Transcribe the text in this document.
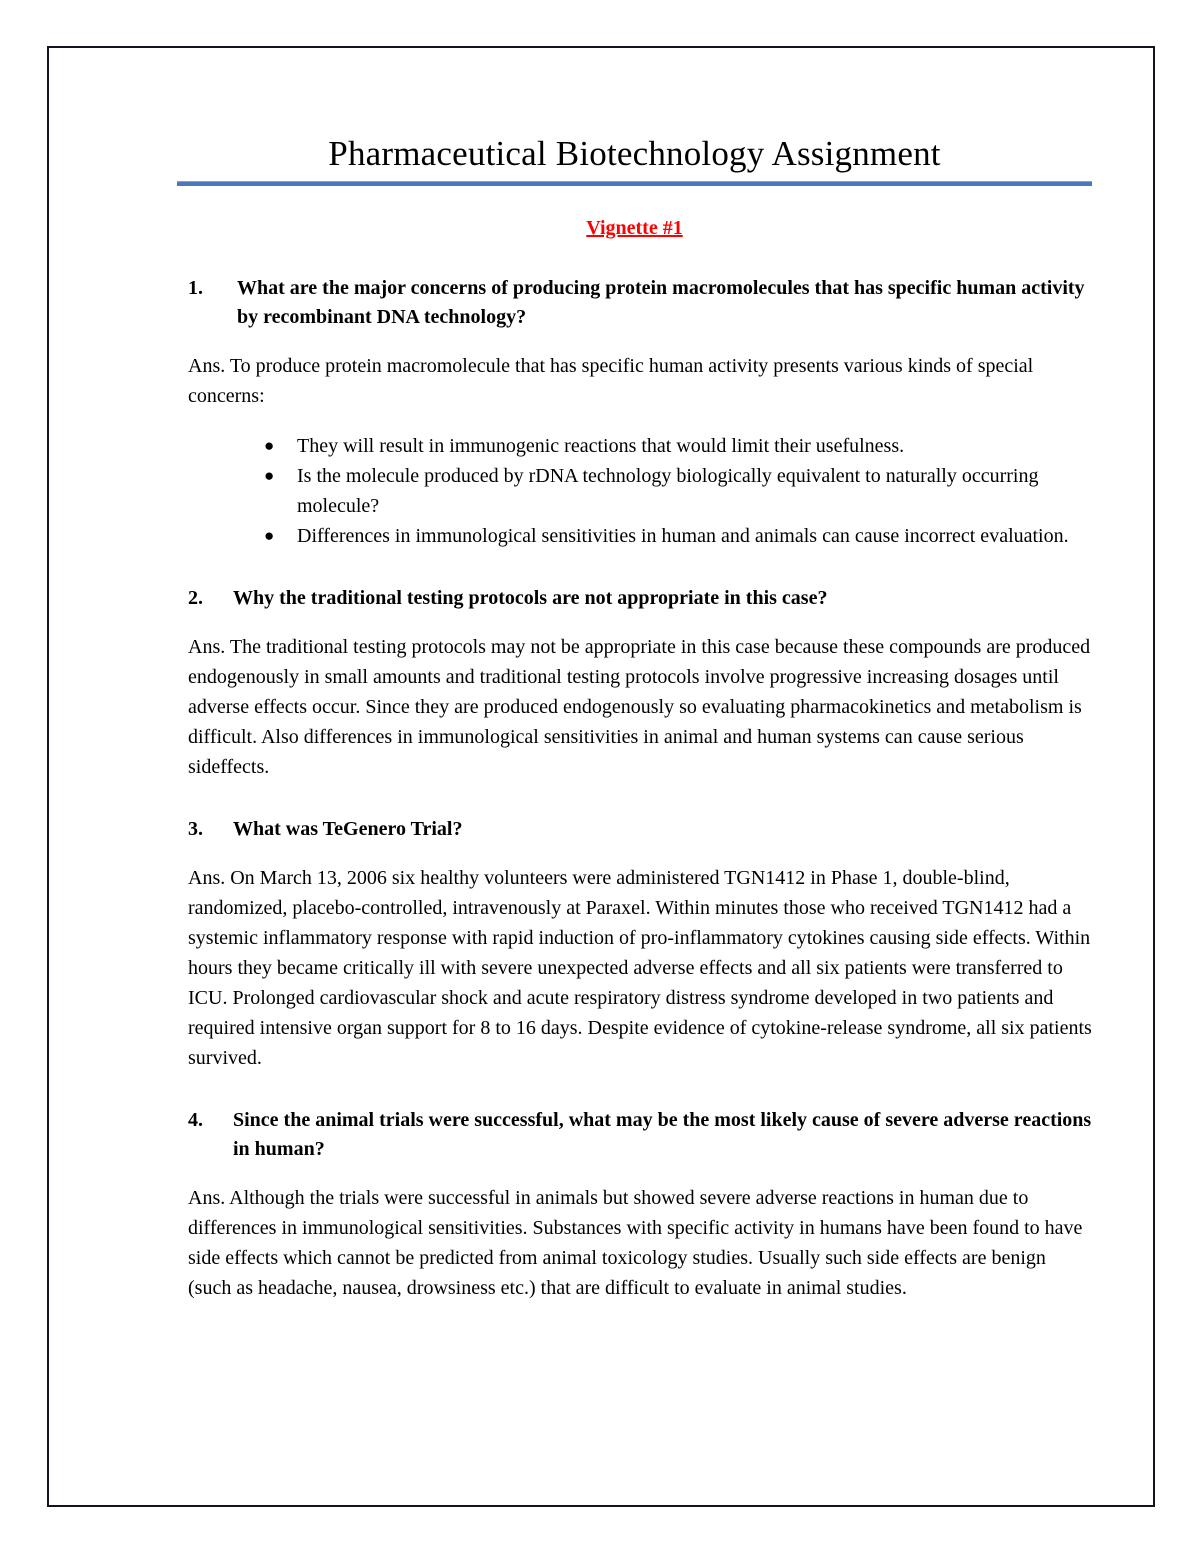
Pharmaceutical Biotechnology Assignment

Vignette #1

1. What are the major concerns of producing protein macromolecules that has specific human activity by recombinant DNA technology?

Ans. To produce protein macromolecule that has specific human activity presents various kinds of special concerns:

● They will result in immunogenic reactions that would limit their usefulness.
● Is the molecule produced by rDNA technology biologically equivalent to naturally occurring molecule?
● Differences in immunological sensitivities in human and animals can cause incorrect evaluation.

2. Why the traditional testing protocols are not appropriate in this case?

Ans. The traditional testing protocols may not be appropriate in this case because these compounds are produced endogenously in small amounts and traditional testing protocols involve progressive increasing dosages until adverse effects occur. Since they are produced endogenously so evaluating pharmacokinetics and metabolism is difficult. Also differences in immunological sensitivities in animal and human systems can cause serious sideffects.

3. What was TeGenero Trial?

Ans. On March 13, 2006 six healthy volunteers were administered TGN1412 in Phase 1, double-blind, randomized, placebo-controlled, intravenously at Paraxel. Within minutes those who received TGN1412 had a systemic inflammatory response with rapid induction of pro-inflammatory cytokines causing side effects. Within hours they became critically ill with severe unexpected adverse effects and all six patients were transferred to ICU. Prolonged cardiovascular shock and acute respiratory distress syndrome developed in two patients and required intensive organ support for 8 to 16 days. Despite evidence of cytokine-release syndrome, all six patients survived.

4. Since the animal trials were successful, what may be the most likely cause of severe adverse reactions in human?

Ans. Although the trials were successful in animals but showed severe adverse reactions in human due to differences in immunological sensitivities. Substances with specific activity in humans have been found to have side effects which cannot be predicted from animal toxicology studies. Usually such side effects are benign (such as headache, nausea, drowsiness etc.) that are difficult to evaluate in animal studies.
